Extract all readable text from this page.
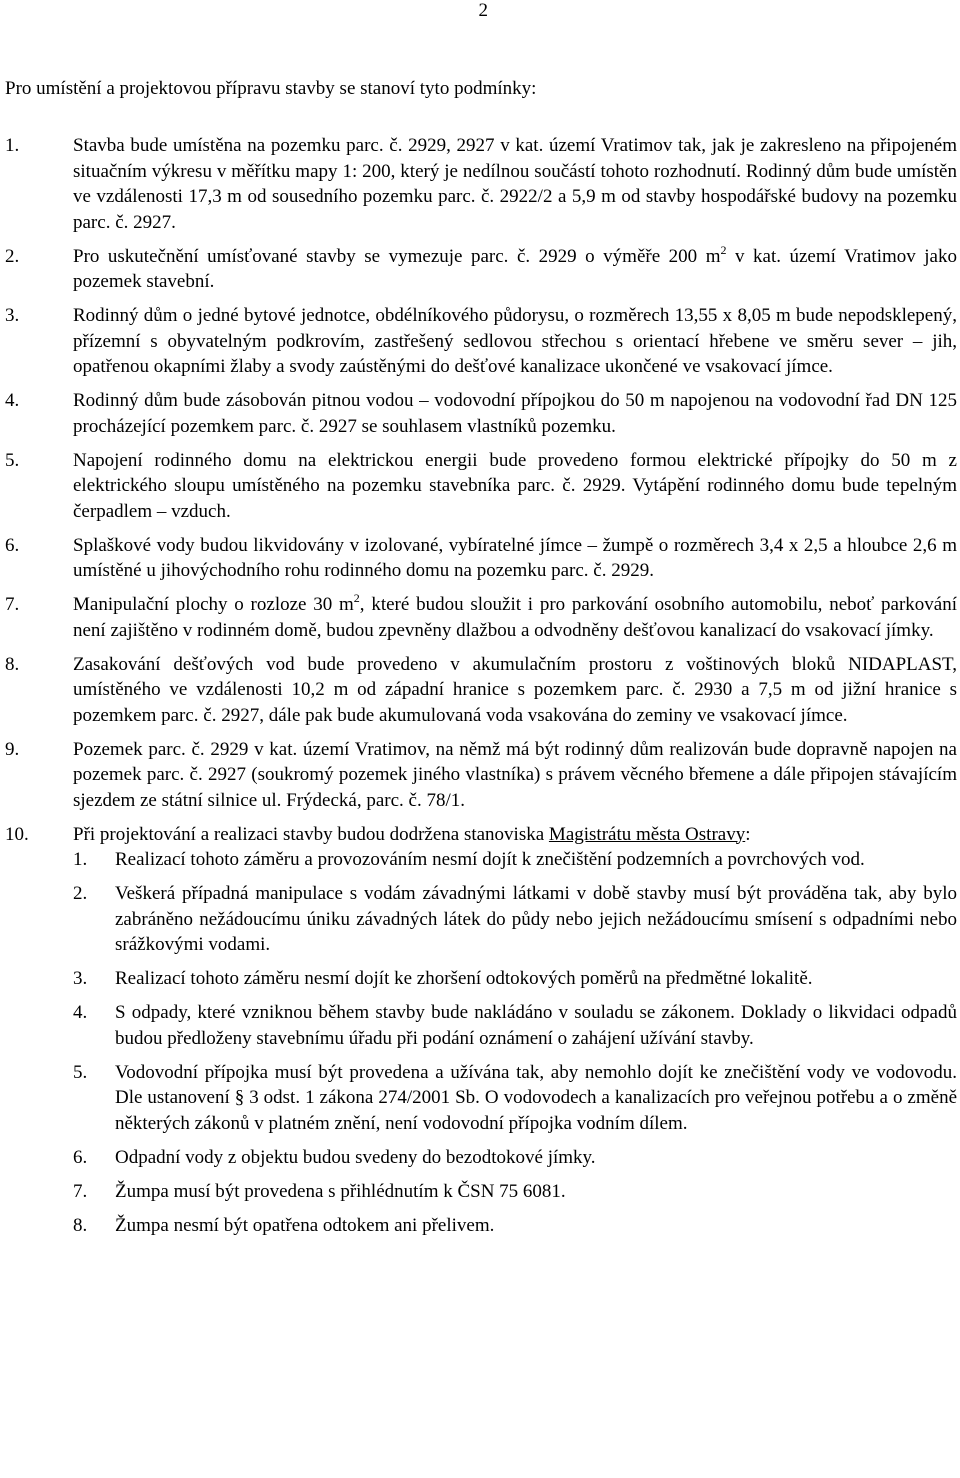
2

Pro umístění a projektovou přípravu stavby se stanoví tyto podmínky:

1.	Stavba bude umístěna na pozemku parc. č. 2929, 2927 v kat. území Vratimov tak, jak je zakresleno na připojeném situačním výkresu v měřítku mapy 1: 200, který je nedílnou součástí tohoto rozhodnutí. Rodinný dům bude umístěn ve vzdálenosti 17,3 m od sousedního pozemku parc. č. 2922/2 a 5,9 m od stavby hospodářské budovy na pozemku parc. č. 2927.
2.	Pro uskutečnění umísťované stavby se vymezuje parc. č. 2929 o výměře 200 $m^2$ v kat. území Vratimov jako pozemek stavební.
3.	Rodinný dům o jedné bytové jednotce, obdélníkového půdorysu, o rozměrech 13,55 x 8,05 m bude nepodsklepený, přízemní s obyvatelným podkrovím, zastřešený sedlovou střechou s orientací hřebene ve směru sever – jih, opatřenou okapními žlaby a svody zaústěnými do dešťové kanalizace ukončené ve vsakovací jímce.
4.	Rodinný dům bude zásobován pitnou vodou – vodovodní přípojkou do 50 m napojenou na vodovodní řad DN 125 procházející pozemkem parc. č. 2927 se souhlasem vlastníků pozemku.
5.	Napojení rodinného domu na elektrickou energii bude provedeno formou elektrické přípojky do 50 m z elektrického sloupu umístěného na pozemku stavebníka parc. č. 2929. Vytápění rodinného domu bude tepelným čerpadlem – vzduch.
6.	Splaškové vody budou likvidovány v izolované, vybíratelné jímce – žumpě o rozměrech 3,4 x 2,5 a hloubce 2,6 m umístěné u jihovýchodního rohu rodinného domu na pozemku parc. č. 2929.
7.	Manipulační plochy o rozloze 30 $m^2$, které budou sloužit i pro parkování osobního automobilu, neboť parkování není zajištěno v rodinném domě, budou zpevněny dlažbou a odvodněny dešťovou kanalizací do vsakovací jímky.
8.	Zasakování dešťových vod bude provedeno v akumulačním prostoru z voštinových bloků NIDAPLAST, umístěného ve vzdálenosti 10,2 m od západní hranice s pozemkem parc. č. 2930 a 7,5 m od jižní hranice s pozemkem parc. č. 2927, dále pak bude akumulovaná voda vsakována do zeminy ve vsakovací jímce.
9.	Pozemek parc. č. 2929 v kat. území Vratimov, na němž má být rodinný dům realizován bude dopravně napojen na pozemek parc. č. 2927 (soukromý pozemek jiného vlastníka) s právem věcného břemene a dále připojen stávajícím sjezdem ze státní silnice ul. Frýdecká, parc. č. 78/1.
10.	Při projektování a realizaci stavby budou dodržena stanoviska Magistrátu města Ostravy:
1.	Realizací tohoto záměru a provozováním nesmí dojít k znečištění podzemních a povrchových vod.
2.	Veškerá případná manipulace s vodám závadnými látkami v době stavby musí být prováděna tak, aby bylo zabráněno nežádoucímu úniku závadných látek do půdy nebo jejich nežádoucímu smísení s odpadními nebo srážkovými vodami.
3.	Realizací tohoto záměru nesmí dojít ke zhoršení odtokových poměrů na předmětné lokalitě.
4.	S odpady, které vzniknou během stavby bude nakládáno v souladu se zákonem. Doklady o likvidaci odpadů budou předloženy stavebnímu úřadu při podání oznámení o zahájení užívání stavby.
5.	Vodovodní přípojka musí být provedena a užívána tak, aby nemohlo dojít ke znečištění vody ve vodovodu. Dle ustanovení § 3 odst. 1 zákona 274/2001 Sb. O vodovodech a kanalizacích pro veřejnou potřebu a o změně některých zákonů v platném znění, není vodovodní přípojka vodním dílem.
6.	Odpadní vody z objektu budou svedeny do bezodtokové jímky.
7.	Žumpa musí být provedena s přihlédnutím k ČSN 75 6081.
8.	Žumpa nesmí být opatřena odtokem ani přelivem.
